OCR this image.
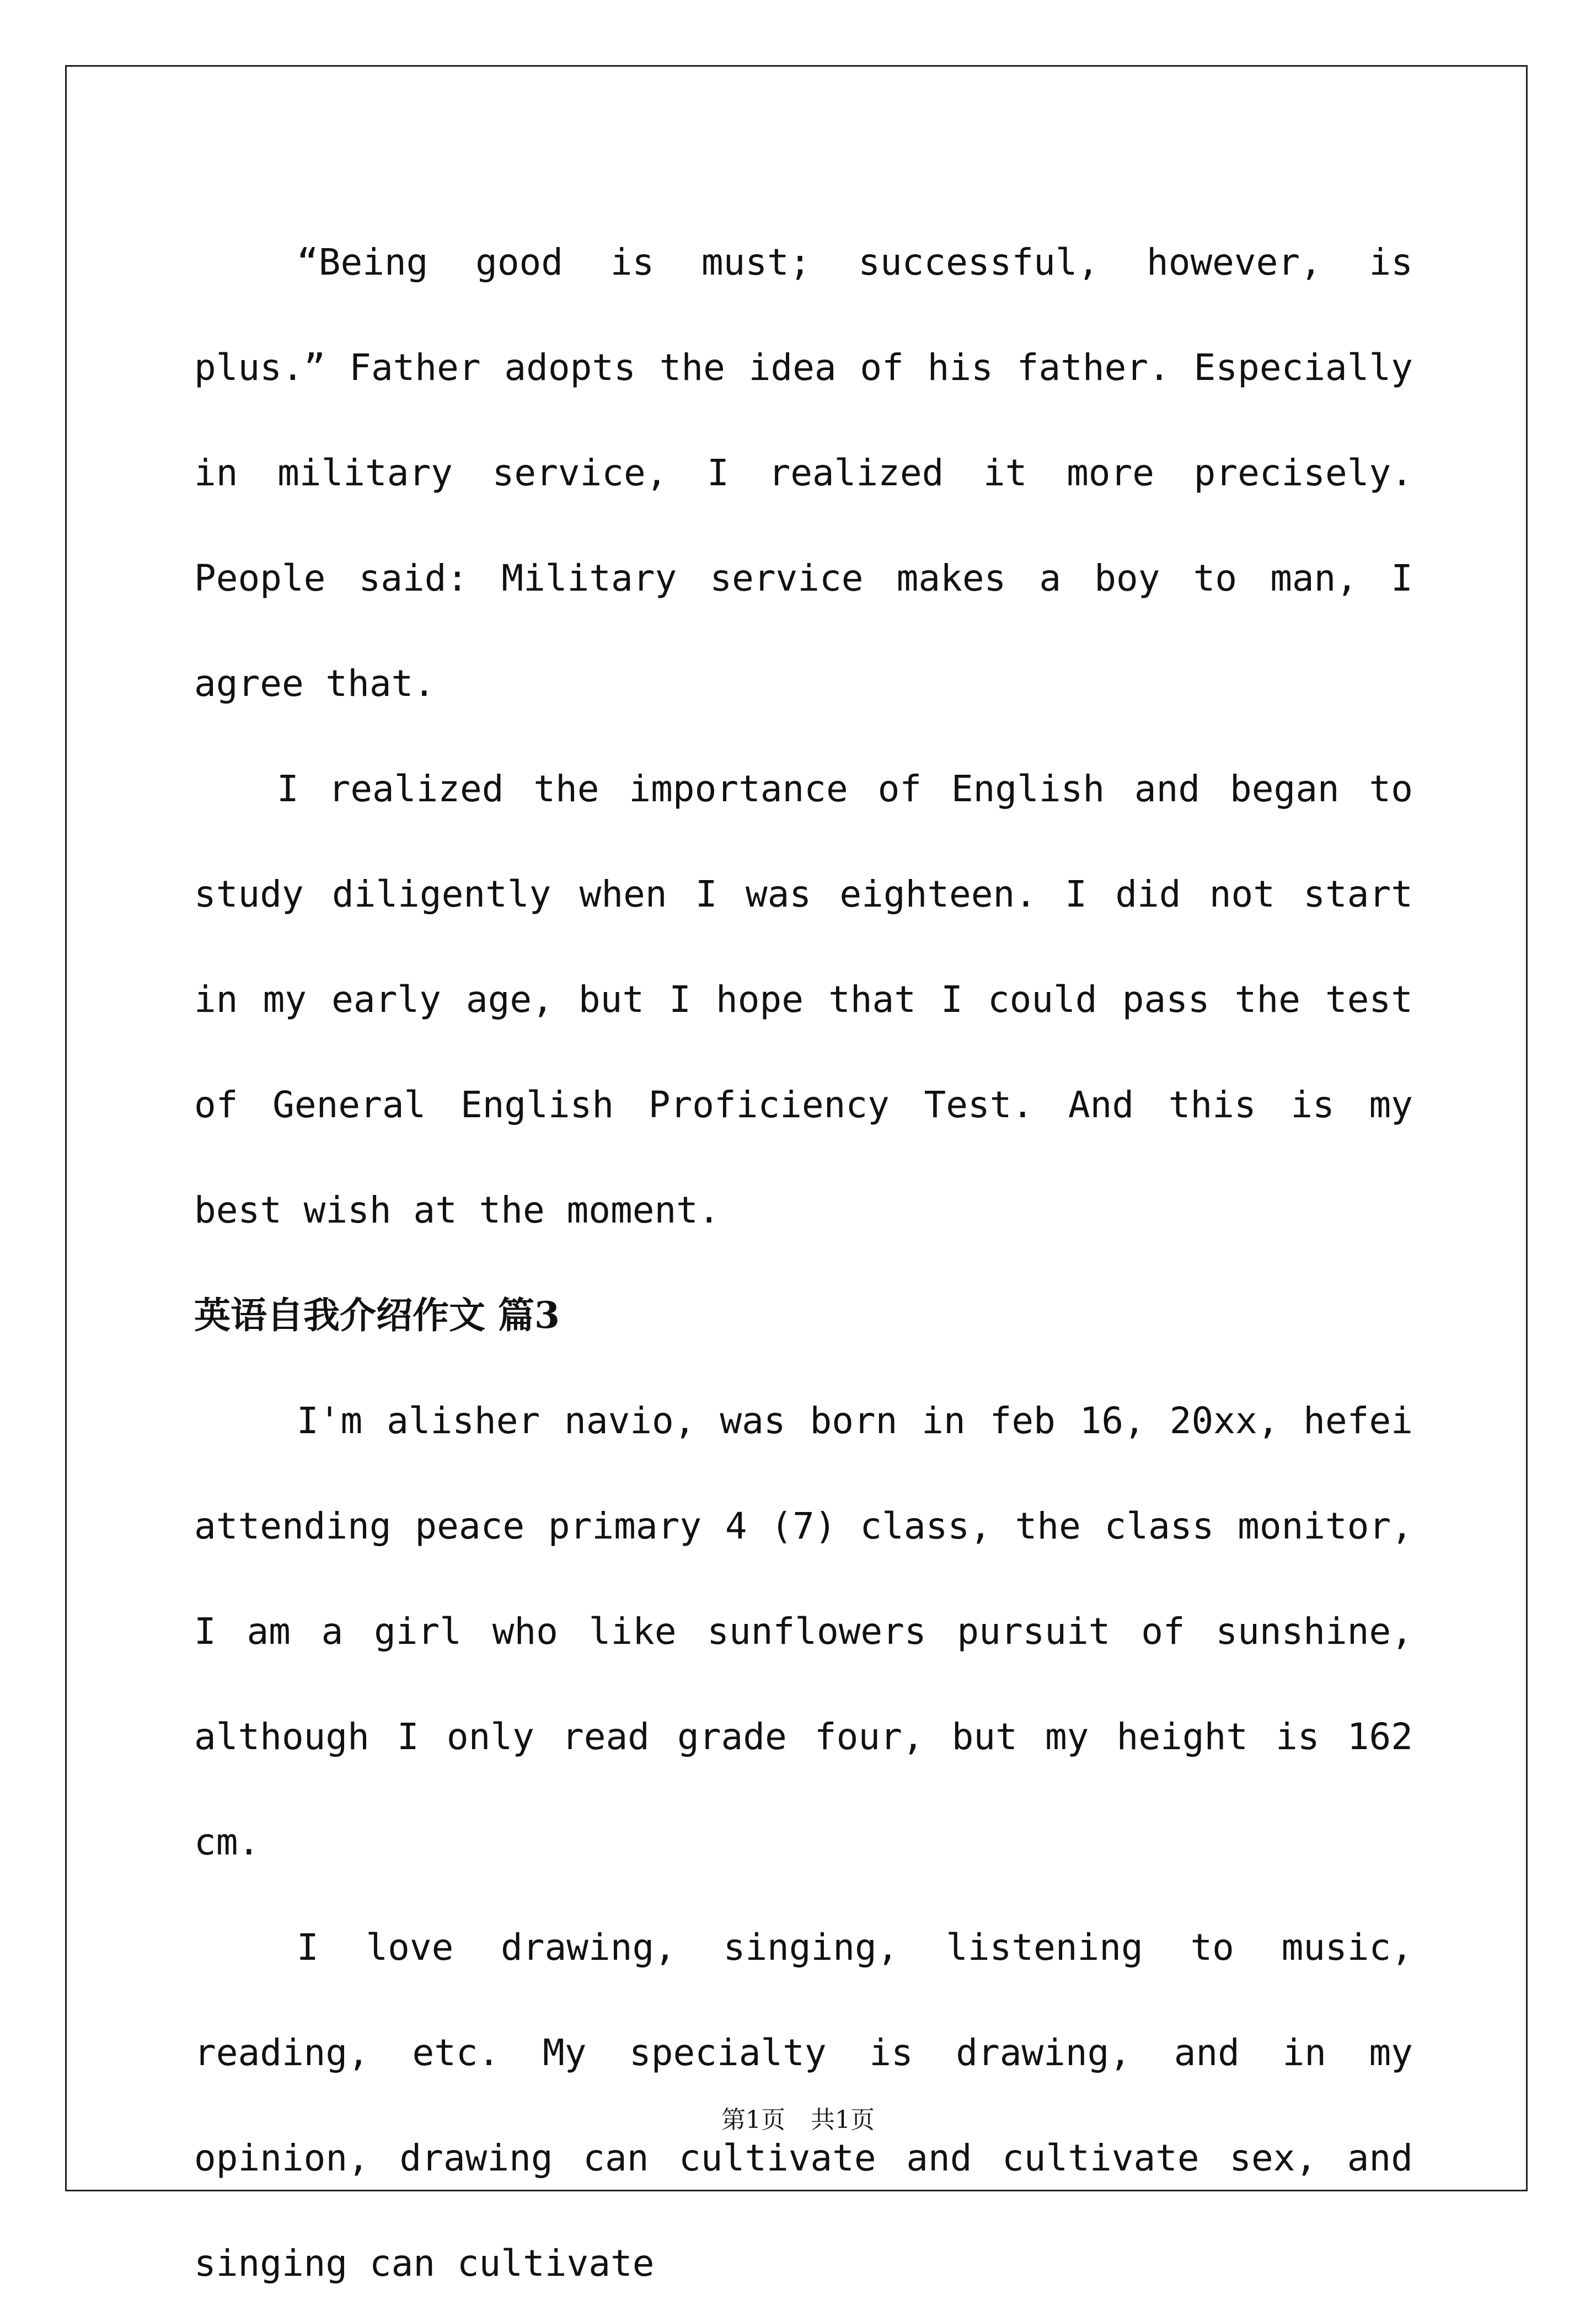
“Being good is must; successful, however, is plus.” Father adopts the idea of his father. Especially in military service, I realized it more precisely. People said: Military service makes a boy to man, I agree that.

I realized the importance of English and began to study diligently when I was eighteen. I did not start in my early age, but I hope that I could pass the test of General English Proficiency Test. And this is my best wish at the moment.

英语自我介绍作文 篇3

I'm alisher navio, was born in feb 16, 20xx, hefei attending peace primary 4 (7) class, the class monitor, I am a girl who like sunflowers pursuit of sunshine, although I only read grade four, but my height is 162 cm.

I love drawing, singing, listening to music, reading, etc. My specialty is drawing, and in my opinion, drawing can cultivate and cultivate sex, and singing can cultivate

第1页 共1页
